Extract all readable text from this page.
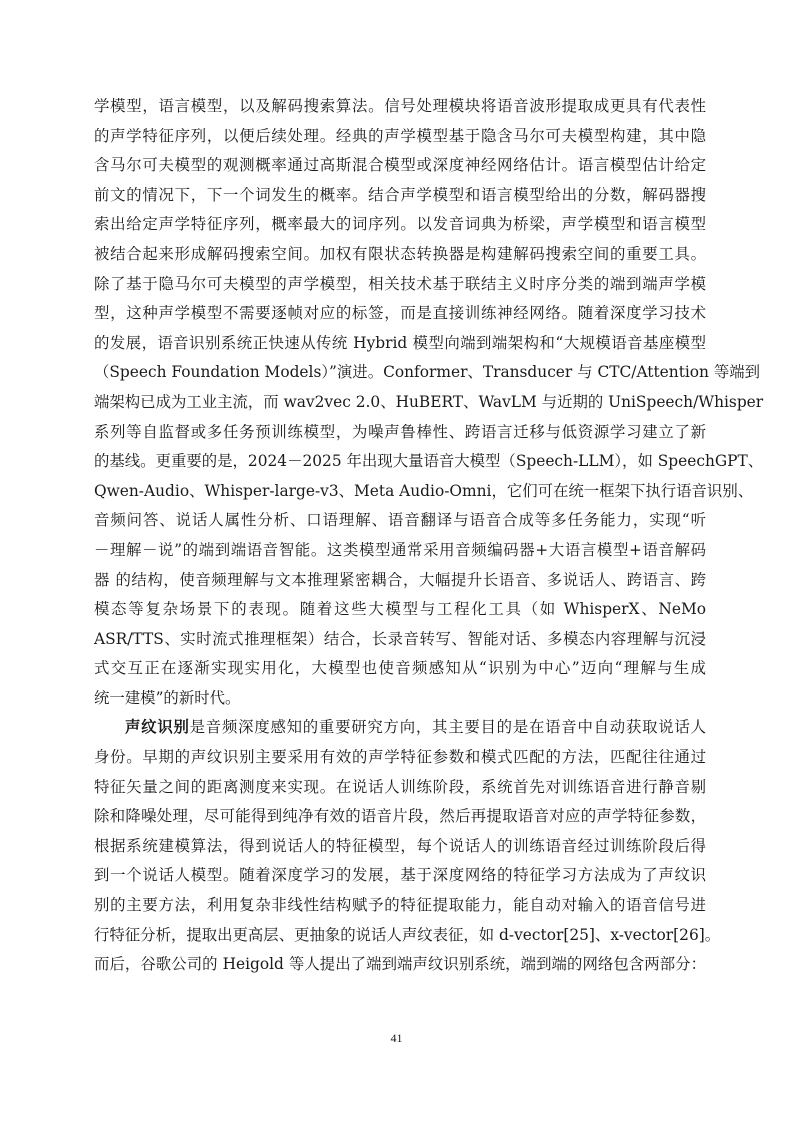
学模型，语言模型，以及解码搜索算法。信号处理模块将语音波形提取成更具有代表性
的声学特征序列，以便后续处理。经典的声学模型基于隐含马尔可夫模型构建，其中隐
含马尔可夫模型的观测概率通过高斯混合模型或深度神经网络估计。语言模型估计给定
前文的情况下，下一个词发生的概率。结合声学模型和语言模型给出的分数，解码器搜
索出给定声学特征序列，概率最大的词序列。以发音词典为桥梁，声学模型和语言模型
被结合起来形成解码搜索空间。加权有限状态转换器是构建解码搜索空间的重要工具。
除了基于隐马尔可夫模型的声学模型，相关技术基于联结主义时序分类的端到端声学模
型，这种声学模型不需要逐帧对应的标签，而是直接训练神经网络。随着深度学习技术
的发展，语音识别系统正快速从传统 Hybrid 模型向端到端架构和“大规模语音基座模型
（Speech Foundation Models）”演进。Conformer、Transducer 与 CTC/Attention 等端到
端架构已成为工业主流，而 wav2vec 2.0、HuBERT、WavLM 与近期的 UniSpeech/Whisper
系列等自监督或多任务预训练模型，为噪声鲁棒性、跨语言迁移与低资源学习建立了新
的基线。更重要的是，2024－2025 年出现大量语音大模型（Speech-LLM），如 SpeechGPT、
Qwen-Audio、Whisper-large-v3、Meta Audio-Omni，它们可在统一框架下执行语音识别、
音频问答、说话人属性分析、口语理解、语音翻译与语音合成等多任务能力，实现“听
－理解－说”的端到端语音智能。这类模型通常采用音频编码器+大语言模型+语音解码
器 的结构，使音频理解与文本推理紧密耦合，大幅提升长语音、多说话人、跨语言、跨
模态等复杂场景下的表现。随着这些大模型与工程化工具（如 WhisperX、NeMo
ASR/TTS、实时流式推理框架）结合，长录音转写、智能对话、多模态内容理解与沉浸
式交互正在逐渐实现实用化，大模型也使音频感知从“识别为中心”迈向“理解与生成
统一建模”的新时代。
声纹识别是音频深度感知的重要研究方向，其主要目的是在语音中自动获取说话人
身份。早期的声纹识别主要采用有效的声学特征参数和模式匹配的方法，匹配往往通过
特征矢量之间的距离测度来实现。在说话人训练阶段，系统首先对训练语音进行静音剔
除和降噪处理，尽可能得到纯净有效的语音片段，然后再提取语音对应的声学特征参数，
根据系统建模算法，得到说话人的特征模型，每个说话人的训练语音经过训练阶段后得
到一个说话人模型。随着深度学习的发展，基于深度网络的特征学习方法成为了声纹识
别的主要方法，利用复杂非线性结构赋予的特征提取能力，能自动对输入的语音信号进
行特征分析，提取出更高层、更抽象的说话人声纹表征，如 d-vector[25]、x-vector[26]。
而后，谷歌公司的 Heigold 等人提出了端到端声纹识别系统，端到端的网络包含两部分：
41
